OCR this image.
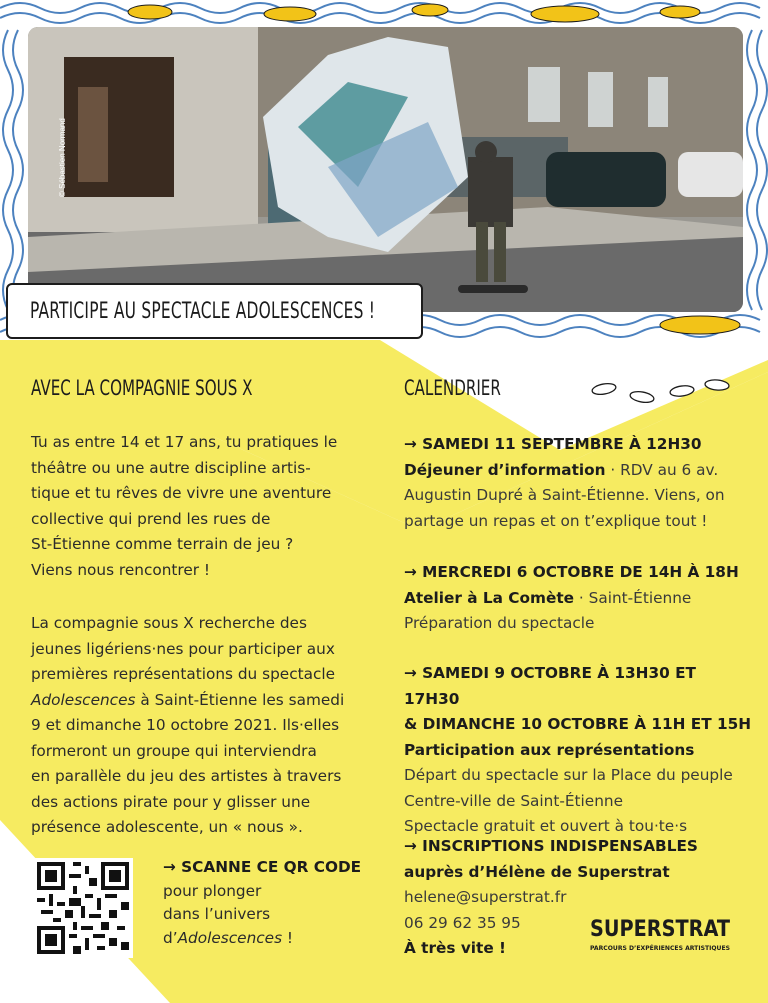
© Sébastien Normand
PARTICIPE AU SPECTACLE ADOLESCENCES !
AVEC LA COMPAGNIE SOUS X	CALENDRIER

Tu as entre 14 et 17 ans, tu pratiques le

théâtre ou une autre discipline artis-

tique et tu rêves de vivre une aventure

collective qui prend les rues de

St-Étienne comme terrain de jeu ?

Viens nous rencontrer !

La compagnie sous X recherche des

jeunes ligériens·nes pour participer aux

premières représentations du spectacle

Adolescences à Saint-Étienne les samedi

9 et dimanche 10 octobre 2021. Ils·elles

formeront un groupe qui interviendra

en parallèle du jeu des artistes à travers

des actions pirate pour y glisser une

présence adolescente, un « nous ».

→ SAMEDI 11 SEPTEMBRE À 12H30
Déjeuner d’information · RDV au 6 av.
Augustin Dupré à Saint-Étienne. Viens, on
partage un repas et on t’explique tout !
→ MERCREDI 6 OCTOBRE DE 14H À 18H
Atelier à La Comète · Saint-Étienne
Préparation du spectacle
→ SAMEDI 9 OCTOBRE À 13H30 ET 17H30
& DIMANCHE 10 OCTOBRE À 11H ET 15H
Participation aux représentations
Départ du spectacle sur la Place du peuple
Centre-ville de Saint-Étienne
Spectacle gratuit et ouvert à tou·te·s
→ INSCRIPTIONS INDISPENSABLES
auprès d’Hélène de Superstrat
helene@superstrat.fr
06 29 62 35 95
À très vite !
→ SCANNE CE QR CODE
pour plonger
dans l’univers
d’Adolescences !	SUPERSTRAT
PARCOURS D’EXPÉRIENCES ARTISTIQUES
